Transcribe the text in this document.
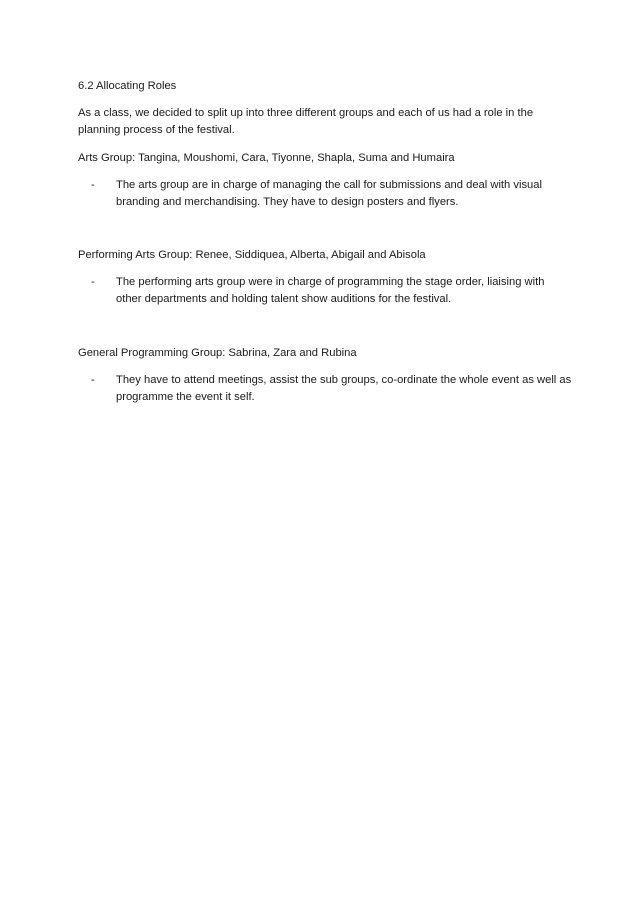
6.2 Allocating Roles

As a class, we decided to split up into three different groups and each of us had a role in the

planning process of the festival.

Arts Group: Tangina, Moushomi, Cara, Tiyonne, Shapla, Suma and Humaira

- The arts group are in charge of managing the call for submissions and deal with visual
branding and merchandising. They have to design posters and flyers.

Performing Arts Group: Renee, Siddiquea, Alberta, Abigail and Abisola

- The performing arts group were in charge of programming the stage order, liaising with
other departments and holding talent show auditions for the festival.

General Programming Group: Sabrina, Zara and Rubina

- They have to attend meetings, assist the sub groups, co-ordinate the whole event as well as
programme the event it self.
